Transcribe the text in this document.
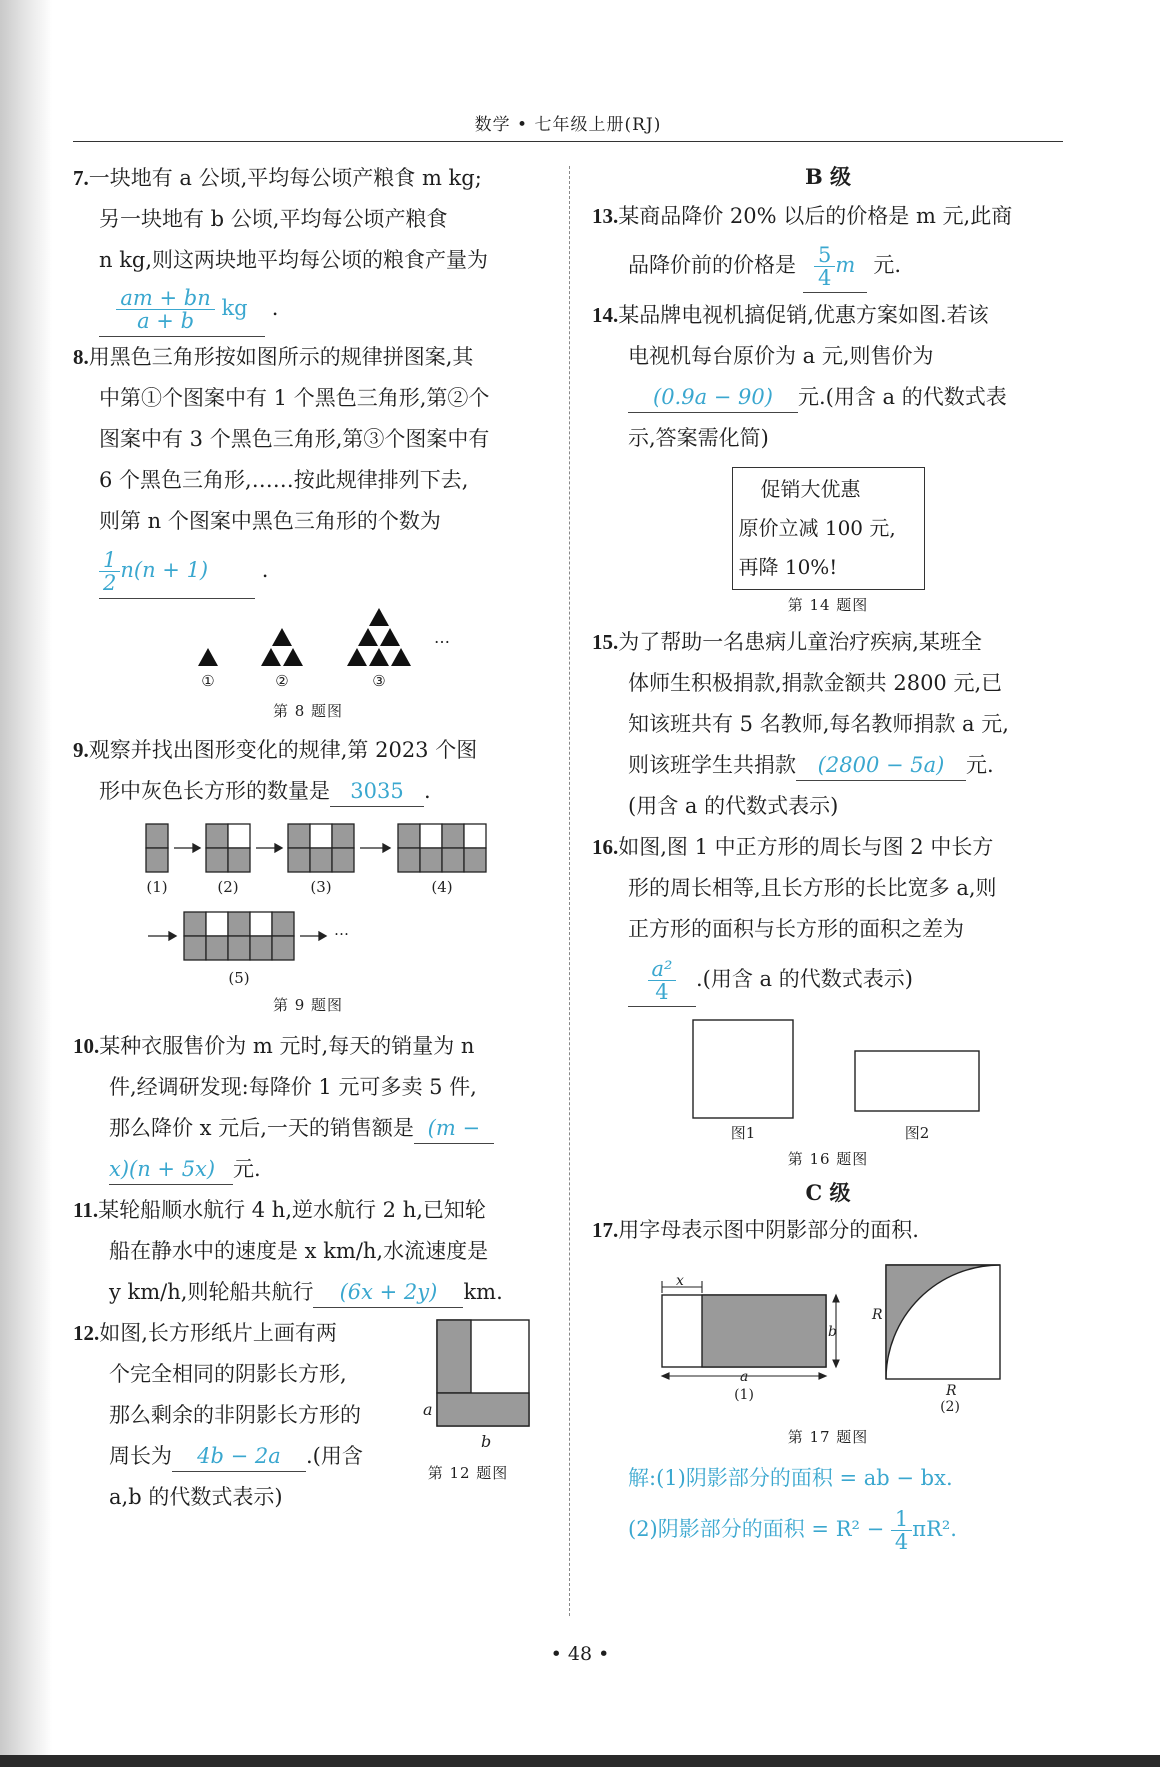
数学 • 七年级上册(RJ)
7.一块地有 a 公顷,平均每公顷产粮食 m kg;
另一块地有 b 公顷,平均每公顷产粮食
n kg,则这两块地平均每公顷的粮食产量为
$\frac{am + bn}{a + b}$ kg .
8.用黑色三角形按如图所示的规律拼图案,其
中第①个图案中有 1 个黑色三角形,第②个
图案中有 3 个黑色三角形,第③个图案中有
6 个黑色三角形,……按此规律排列下去,
则第 n 个图案中黑色三角形的个数为
$\frac{1}{2} n(n + 1)$	.
…
①	②	③
第 8 题图
9.观察并找出图形变化的规律,第 2023 个图
形中灰色长方形的数量是 3035 .
…
(1)	(2)	(3)	(4)
(5)
第 9 题图
10.某种衣服售价为 m 元时,每天的销量为 n
件,经调研发现:每降价 1 元可多卖 5 件,
那么降价 x 元后,一天的销售额是 (m −
x)(n + 5x) 元.
11.某轮船顺水航行 4 h,逆水航行 2 h,已知轮
船在静水中的速度是 x km/h,水流速度是
y km/h,则轮船共航行 (6x + 2y) km.
12.如图,长方形纸片上画有两
个完全相同的阴影长方形,
那么剩余的非阴影长方形的
周长为 4b − 2a .(用含
a,b 的代数式表示)
a
b
第 12 题图
B 级
13.某商品降价 20% 以后的价格是 m 元,此商
品降价前的价格是 $\frac{5}{4}$ m 元.
14.某品牌电视机搞促销,优惠方案如图.若该
电视机每台原价为 a 元,则售价为
(0.9a − 90) 元.(用含 a 的代数式表
示,答案需化简)
促销大优惠
原价立减 100 元,
再降 10%!
第 14 题图
15.为了帮助一名患病儿童治疗疾病,某班全
体师生积极捐款,捐款金额共 2800 元,已
知该班共有 5 名教师,每名教师捐款 a 元,
则该班学生共捐款 (2800 − 5a) 元.
(用含 a 的代数式表示)
16.如图,图 1 中正方形的周长与图 2 中长方
形的周长相等,且长方形的长比宽多 a,则
正方形的面积与长方形的面积之差为
$\frac{\text{a²}}{4}$ .(用含 a 的代数式表示)
图1	图2
第 16 题图
C 级
17.用字母表示图中阴影部分的面积.
x
a
b
(1)
R
R
(2)
第 17 题图
解:(1)阴影部分的面积 = ab − bx.
(2)阴影部分的面积 = $R^2 - \frac{1}{4} \pi R^2$.
• 48 •
